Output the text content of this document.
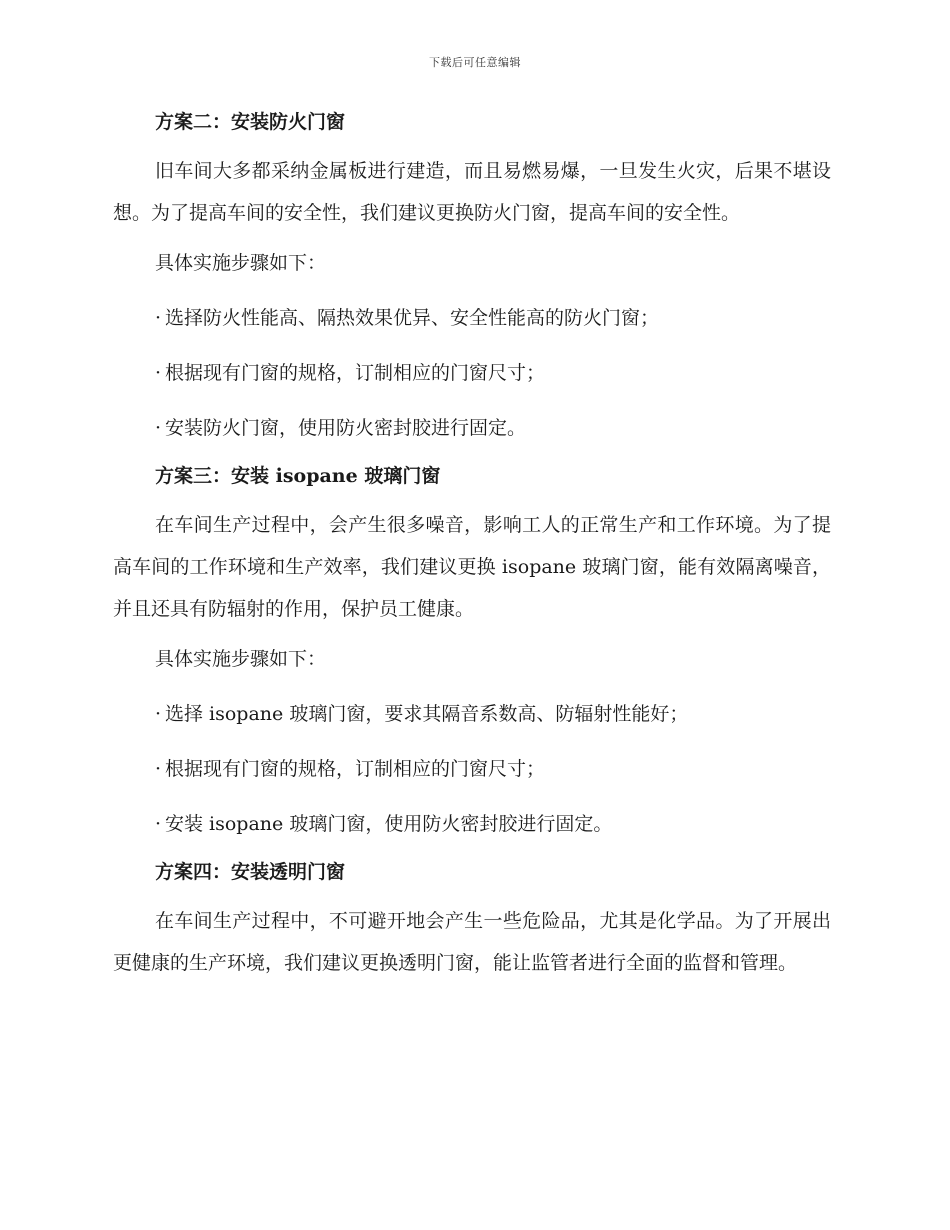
下载后可任意编辑
方案二：安装防火门窗
旧车间大多都采纳金属板进行建造，而且易燃易爆，一旦发生火灾，后果不堪设想。为了提高车间的安全性，我们建议更换防火门窗，提高车间的安全性。
具体实施步骤如下：
· 选择防火性能高、隔热效果优异、安全性能高的防火门窗；
· 根据现有门窗的规格，订制相应的门窗尺寸；
· 安装防火门窗，使用防火密封胶进行固定。
方案三：安装 isopane 玻璃门窗
在车间生产过程中，会产生很多噪音，影响工人的正常生产和工作环境。为了提高车间的工作环境和生产效率，我们建议更换 isopane 玻璃门窗，能有效隔离噪音，并且还具有防辐射的作用，保护员工健康。
具体实施步骤如下：
· 选择 isopane 玻璃门窗，要求其隔音系数高、防辐射性能好；
· 根据现有门窗的规格，订制相应的门窗尺寸；
· 安装 isopane 玻璃门窗，使用防火密封胶进行固定。
方案四：安装透明门窗
在车间生产过程中，不可避开地会产生一些危险品，尤其是化学品。为了开展出更健康的生产环境，我们建议更换透明门窗，能让监管者进行全面的监督和管理。
